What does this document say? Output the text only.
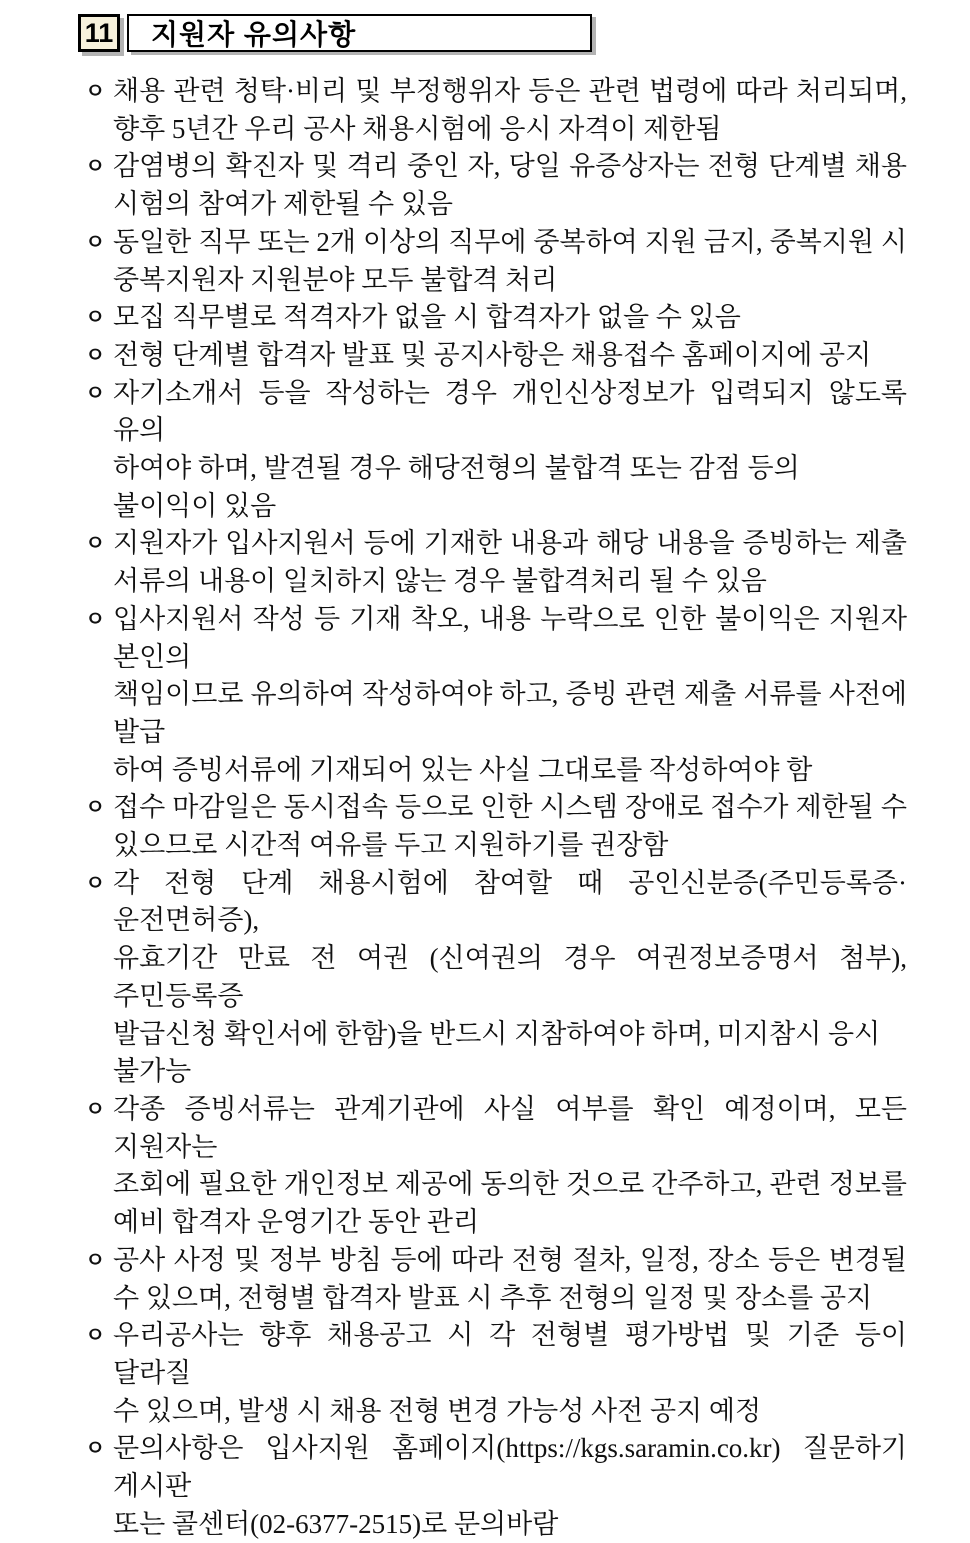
11 지원자 유의사항
ㅇ 채용 관련 청탁·비리 및 부정행위자 등은 관련 법령에 따라 처리되며,
향후 5년간 우리 공사 채용시험에 응시 자격이 제한됨
ㅇ 감염병의 확진자 및 격리 중인 자, 당일 유증상자는 전형 단계별 채용
시험의 참여가 제한될 수 있음
ㅇ 동일한 직무 또는 2개 이상의 직무에 중복하여 지원 금지, 중복지원 시
중복지원자 지원분야 모두 불합격 처리
ㅇ 모집 직무별로 적격자가 없을 시 합격자가 없을 수 있음
ㅇ 전형 단계별 합격자 발표 및 공지사항은 채용접수 홈페이지에 공지
ㅇ 자기소개서 등을 작성하는 경우 개인신상정보가 입력되지 않도록 유의
하여야 하며, 발견될 경우 해당전형의 불합격 또는 감점 등의 불이익이 있음
ㅇ 지원자가 입사지원서 등에 기재한 내용과 해당 내용을 증빙하는 제출
서류의 내용이 일치하지 않는 경우 불합격처리 될 수 있음
ㅇ 입사지원서 작성 등 기재 착오, 내용 누락으로 인한 불이익은 지원자 본인의
책임이므로 유의하여 작성하여야 하고, 증빙 관련 제출 서류를 사전에 발급
하여 증빙서류에 기재되어 있는 사실 그대로를 작성하여야 함
ㅇ 접수 마감일은 동시접속 등으로 인한 시스템 장애로 접수가 제한될 수
있으므로 시간적 여유를 두고 지원하기를 권장함
ㅇ 각 전형 단계 채용시험에 참여할 때 공인신분증(주민등록증·운전면허증),
유효기간 만료 전 여권 (신여권의 경우 여권정보증명서 첨부), 주민등록증
발급신청 확인서에 한함)을 반드시 지참하여야 하며, 미지참시 응시 불가능
ㅇ 각종 증빙서류는 관계기관에 사실 여부를 확인 예정이며, 모든 지원자는
조회에 필요한 개인정보 제공에 동의한 것으로 간주하고, 관련 정보를
예비 합격자 운영기간 동안 관리
ㅇ 공사 사정 및 정부 방침 등에 따라 전형 절차, 일정, 장소 등은 변경될
수 있으며, 전형별 합격자 발표 시 추후 전형의 일정 및 장소를 공지
ㅇ 우리공사는 향후 채용공고 시 각 전형별 평가방법 및 기준 등이 달라질
수 있으며, 발생 시 채용 전형 변경 가능성 사전 공지 예정
ㅇ 문의사항은 입사지원 홈페이지(https://kgs.saramin.co.kr) 질문하기 게시판
또는 콜센터(02-6377-2515)로 문의바람
